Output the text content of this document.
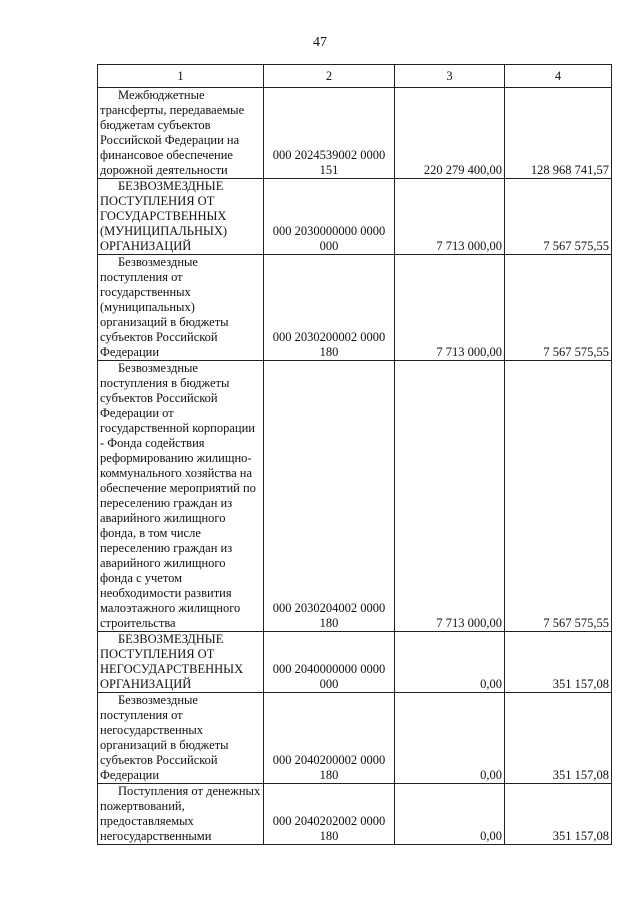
47
1	2	3	4

Межбюджетные трансферты, передаваемые бюджетам субъектов Российской Федерации на финансовое обеспечение дорожной деятельности	000 2024539002 0000 151	220 279 400,00	128 968 741,57

БЕЗВОЗМЕЗДНЫЕ ПОСТУПЛЕНИЯ ОТ ГОСУДАРСТВЕННЫХ (МУНИЦИПАЛЬНЫХ) ОРГАНИЗАЦИЙ	000 2030000000 0000 000	7 713 000,00	7 567 575,55

Безвозмездные поступления от государственных (муниципальных) организаций в бюджеты субъектов Российской Федерации	000 2030200002 0000 180	7 713 000,00	7 567 575,55

Безвозмездные поступления в бюджеты субъектов Российской Федерации от государственной корпорации - Фонда содействия реформированию жилищно-коммунального хозяйства на обеспечение мероприятий по переселению граждан из аварийного жилищного фонда, в том числе переселению граждан из аварийного жилищного фонда с учетом необходимости развития малоэтажного жилищного строительства	000 2030204002 0000 180	7 713 000,00	7 567 575,55

БЕЗВОЗМЕЗДНЫЕ ПОСТУПЛЕНИЯ ОТ НЕГОСУДАРСТВЕННЫХ ОРГАНИЗАЦИЙ	000 2040000000 0000 000	0,00	351 157,08

Безвозмездные поступления от негосударственных организаций в бюджеты субъектов Российской Федерации	000 2040200002 0000 180	0,00	351 157,08

Поступления от денежных пожертвований, предоставляемых негосударственными	000 2040202002 0000 180	0,00	351 157,08
